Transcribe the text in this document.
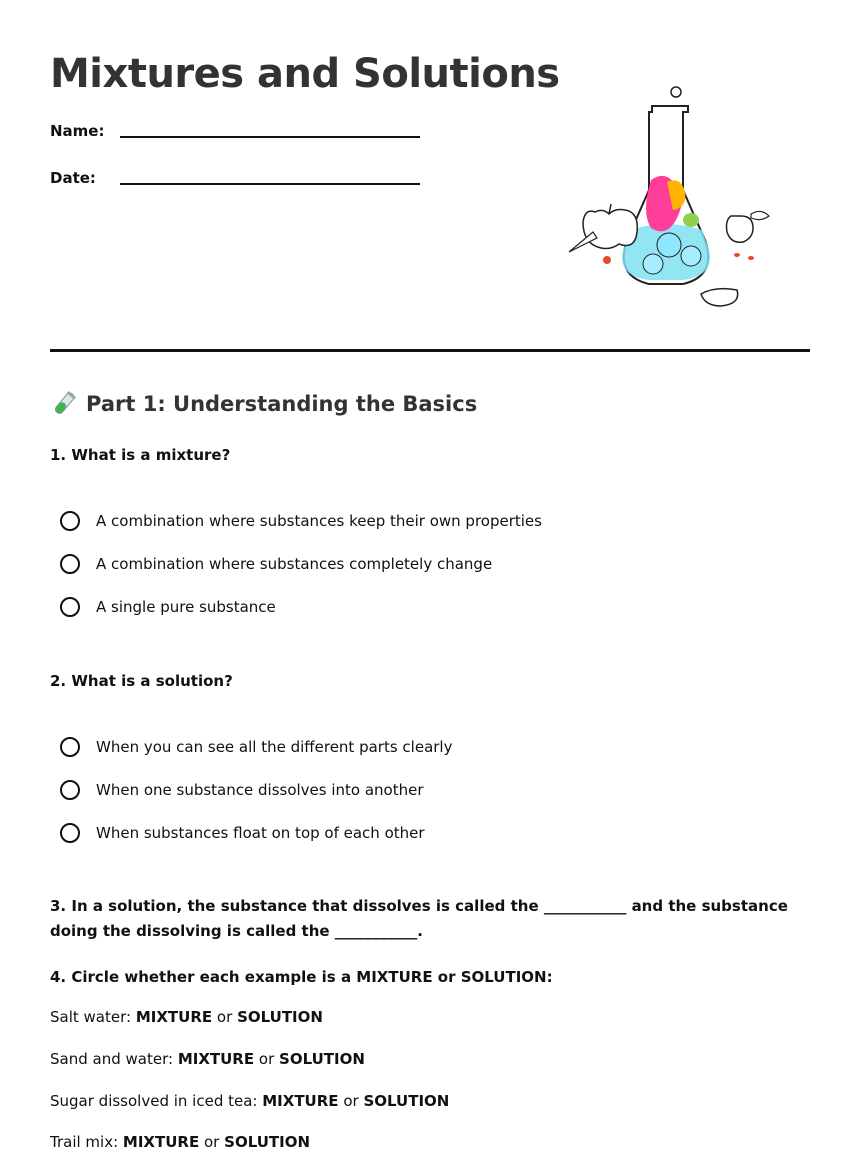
Mixtures and Solutions
Name:
Date:
Part 1: Understanding the Basics
1. What is a mixture?
A combination where substances keep their own properties
A combination where substances completely change
A single pure substance
2. What is a solution?
When you can see all the different parts clearly
When one substance dissolves into another
When substances float on top of each other
3. In a solution, the substance that dissolves is called the ___________ and the substance doing the dissolving is called the ___________.
4. Circle whether each example is a MIXTURE or SOLUTION:
Salt water: MIXTURE or SOLUTION
Sand and water: MIXTURE or SOLUTION
Sugar dissolved in iced tea: MIXTURE or SOLUTION
Trail mix: MIXTURE or SOLUTION
